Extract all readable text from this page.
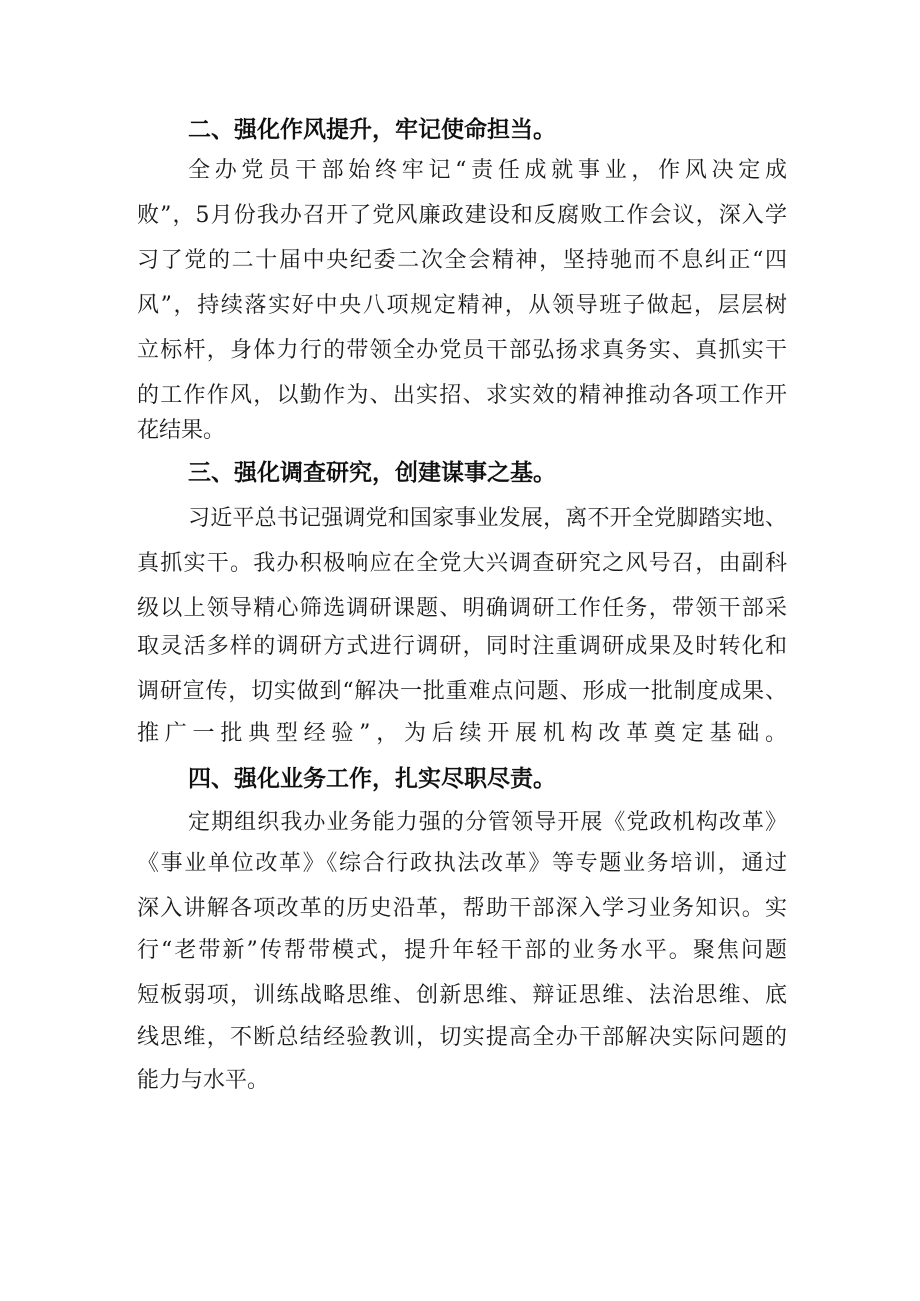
二、强化作风提升，牢记使命担当。
全办党员干部始终牢记“责任成就事业，作风决定成
败”，5月份我办召开了党风廉政建设和反腐败工作会议，深入学
习了党的二十届中央纪委二次全会精神，坚持驰而不息纠正“四
风”，持续落实好中央八项规定精神，从领导班子做起，层层树
立标杆，身体力行的带领全办党员干部弘扬求真务实、真抓实干
的工作作风，以勤作为、出实招、求实效的精神推动各项工作开
花结果。
三、强化调查研究，创建谋事之基。
习近平总书记强调党和国家事业发展，离不开全党脚踏实地、
真抓实干。我办积极响应在全党大兴调查研究之风号召，由副科
级以上领导精心筛选调研课题、明确调研工作任务，带领干部采
取灵活多样的调研方式进行调研，同时注重调研成果及时转化和
调研宣传，切实做到“解决一批重难点问题、形成一批制度成果、
推广一批典型经验”，为后续开展机构改革奠定基础。
四、强化业务工作，扎实尽职尽责。
定期组织我办业务能力强的分管领导开展《党政机构改革》
《事业单位改革》《综合行政执法改革》等专题业务培训，通过
深入讲解各项改革的历史沿革，帮助干部深入学习业务知识。实
行“老带新”传帮带模式，提升年轻干部的业务水平。聚焦问题
短板弱项，训练战略思维、创新思维、辩证思维、法治思维、底
线思维，不断总结经验教训，切实提高全办干部解决实际问题的
能力与水平。
